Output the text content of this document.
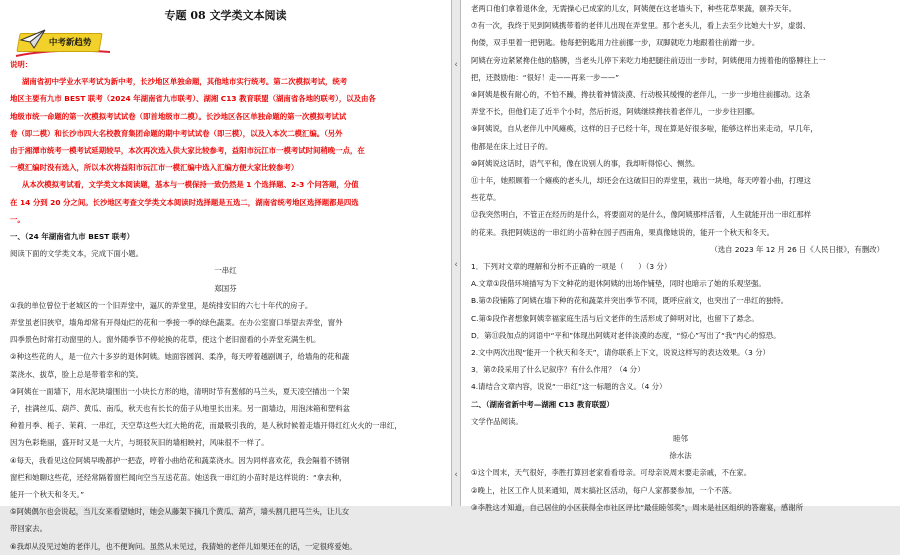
专题 08 文学类文本阅读
中考新趋势
说明：
湖南省初中学业水平考试为新中考，长沙地区单独命题，其他地市实行统考。第二次模拟考试，统考
地区主要有九市 BEST 联考（2024 年湖南省九市联考）、湖湘 C13 教育联盟（湖南省各地的联考），以及由各
地级市统一命题的第一次模拟考试试卷（即首地级市二模）。长沙地区各区单独命题的第一次模拟考试试
卷（即二模）和长沙市四大名校教育集团命题的期中考试试卷（即三模），以及入本次二模汇编。（另外
由于湘潭市统考一模考试延期较早，本次再次选入供大家比较参考，益阳市沅江市一模考试时间稍晚一点，在
一模汇编时没有选入，所以本次将益阳市沅江市一模汇编中选入汇编方便大家比较参考）
从本次模拟考试看，文学类文本阅读题，基本与一模保持一致仍然是 1 个选择题、2-3 个问答题，分值
在 14 分到 20 分之间。长沙地区考查文学类文本阅读时选择题是五选二，湖南省统考地区选择题都是四选
一。
一、（24 年湖南省九市 BEST 联考）
阅读下面的文学类文本，完成下面小题。
一串红
郑国芬
①我的单位曾位于老城区的一个旧弄堂中，逼仄的弄堂里，是统排安旧的六七十年代的房子。
弄堂虽老旧狭窄，墙角却常有开得灿烂的花和一季接一季的绿色蔬菜。在办公室窗口举望去弄堂，窗外
四季景色时常打动窗里的人。窗外随季节不停轮换的花草，使这个老旧窗看的小弄堂充满生机。
②种这些花的人，是一位六十多岁的退休阿姨。她面容圆润、柔净，每天哼着越剧调子，给墙角的花和蔬
菜浇水、拔草，脸上总是带着幸和的笑。
③阿姨在一面墙下，用水泥块墙围出一小块长方形的地，清明时节有葱郁的马兰头，夏天凌空描出一个架
子，挂满丝瓜、葫芦、黄瓜、南瓜，秋天也有长长的茄子从地里长出来。另一面墙边，用泡沫箱和塑料盆
种着月季、栀子、茉莉、一串红，天空草这些大红大艳的花，而最吸引我的，是人秋时候着走墙开得红红火火的一串红，
因为色彩艳丽，盛开时又是一大片，与斑驳灰旧的墙相映衬，风味很不一样了。
④每天，我看见这位阿姨早晚都护一把壶，哼着小曲给花和蔬菜浇水。因为同样喜欢花，我会隔着不锈钢
窗栏和她聊这些花，还经常隔着窗栏闻向空当互送花苗。她送我一串红的小苗时是这样说的：“拿去种，
能开一个秋天和冬天。”
⑤阿姨偶尔也会说起，当儿女来看望她时，她会从藤架下摘几个黄瓜、葫芦，墙头割几把马兰头，让儿女
带回家去。
⑥我却从没见过她的老伴儿，也不便询问。虽然从未见过，我猜她的老伴儿如果还在的话，一定很疼爱她。
‹
‹
‹
老两口他们拿着退休金，无需操心已成家的儿女，阿姨便在这老墙头下，种些花草果蔬，颐养天年。
⑦有一次，我终于见到阿姨携带着的老伴儿出现在弄堂里。那个老头儿，看上去至少比她大十岁，虚弱、
佝偻，双手里着一把钥匙。他每把钥匙用力往前挪一步，双脚就吃力地跟着往前蹭一步。
阿姨在旁边紧紧搀住他的胳膊，当老头儿停下来吃力地把腿往前迈出一步时，阿姨便用力搓着他的胳膊往上一
把，还鼓励他：“很好！走——再来一步——”
⑧阿姨是极有耐心的，不怕不躁，搀扶着神情淡漠、行动极其缓慢的老伴儿，一步一步地往前挪动。这条
弄堂不长，但他们走了近半个小时，然后折返，阿姨继续搀扶着老伴儿，一步步往回挪。
⑨阿姨说，自从老伴儿中风瘫痪，这样的日子已经十年，现在算是好很多啦，能够这样出来走动，早几年，
他都是在床上过日子的。
⑩阿姨说这话时，语气平和，像在说别人的事，我却听得惊心、恻然。
⑪十年，她照顾着一个瘫痪的老头儿，却还会在这破旧日的弄堂里，栽出一块地，每天哼着小曲，打理这
些花草。
⑫我突然明白，不管正在经历的是什么，将要面对的是什么，像阿姨那样活着，人生就能开出一串红那样
的花来。我把阿姨送的一串红的小苗种在园子西南角，果真像她说的，能开一个秋天和冬天。
（选自 2023 年 12 月 26 日《人民日报》，有删改）
1．下列对文章的理解和分析不正确的一项是（　　）（3 分）
A.文章①段借环境描写为下文种花的退休阿姨的出场作铺垫，同时也暗示了她的乐观坚强。
B.第⑦段铺陈了阿姨在墙下种的花和蔬菜并突出季节不同，既呼应前文，也突出了一串红的独特。
C.第⑤段作者想象阿姨幸福家庭生活与后文老伴的生活形成了鲜明对比，也留下了悬念。
D．第⑪段加点的词语中“平和”体现出阿姨对老伴淡漠的态度，“惊心”写出了“我”内心的惊恐。
2.文中两次出现“能开一个秋天和冬天”，请你联系上下文，说说这样写的表达效果。（3 分）
3．第⑦段采用了什么记叙序？有什么作用？（4 分）
4.请结合文章内容，说说“一串红”这一标题的含义。（4 分）
二、（湖南省新中考—湖湘 C13 教育联盟）
文学作品阅读。
睦邻
徐水法
①这个周末，天气很好，李胜打算回老家看看母亲。可母亲说周末要走亲戚，不在家。
②晚上，社区工作人员来通知，周末搞社区活动，每户人家都要参加，一个不落。
③李胜这才知道，自己居住的小区获得全市社区评比“最佳睦邻奖”，周末是社区组织的答谢宴，感谢所
